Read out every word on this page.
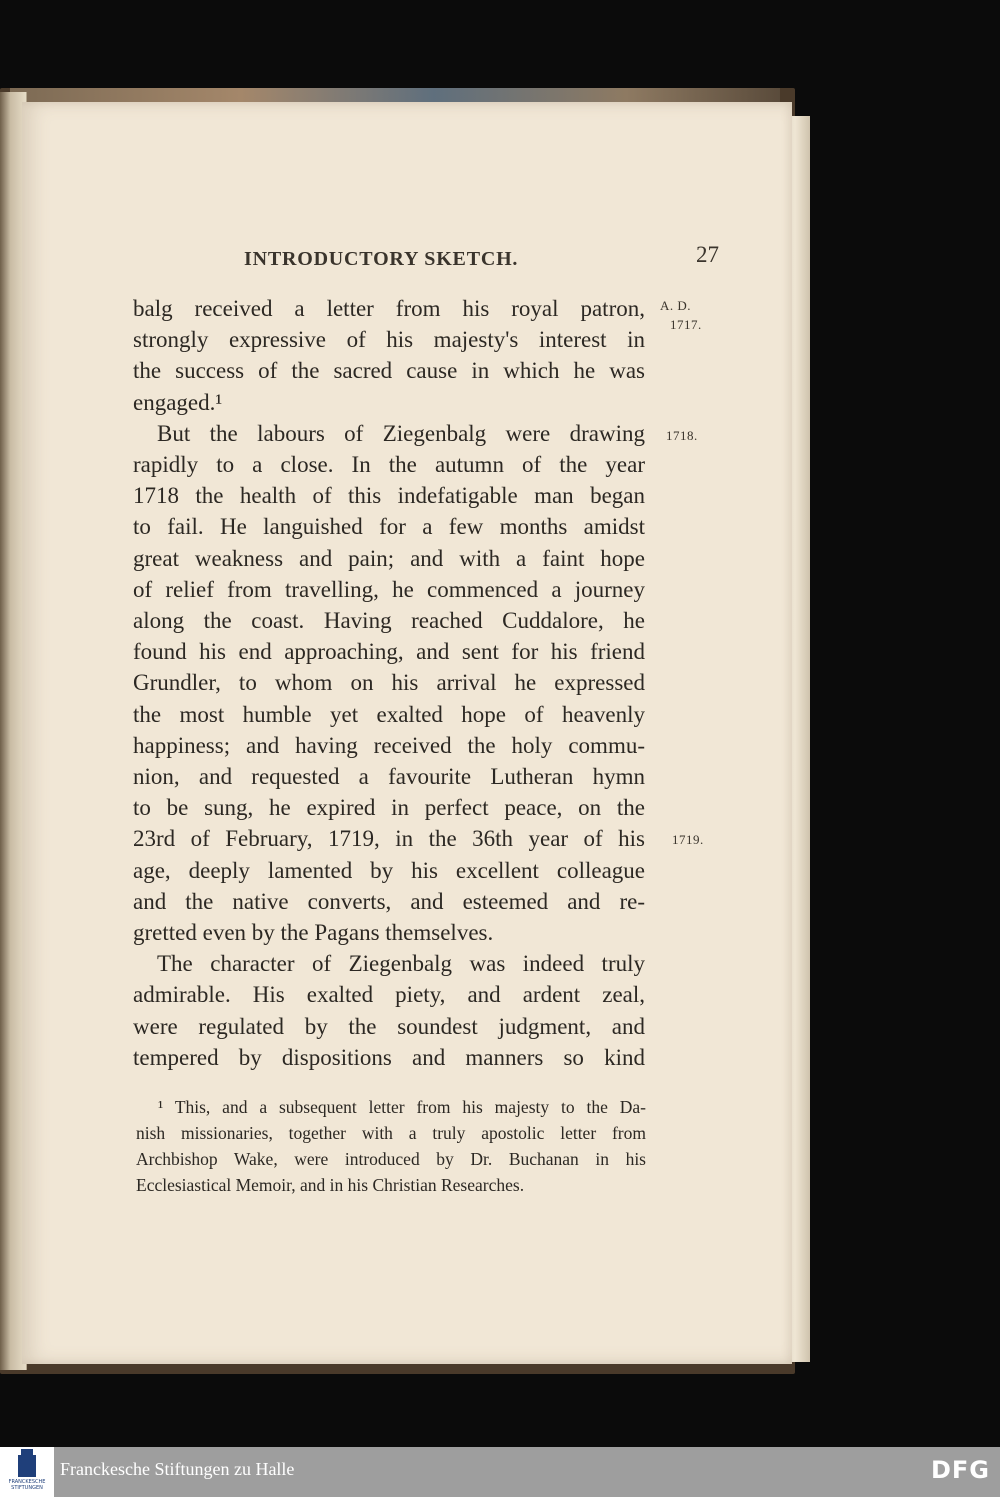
INTRODUCTORY SKETCH.	27
A. D.
1717.
1718.
1719.
balg received a letter from his royal patron,
strongly expressive of his majesty's interest in
the success of the sacred cause in which he was
engaged.¹
But the labours of Ziegenbalg were drawing
rapidly to a close. In the autumn of the year
1718 the health of this indefatigable man began
to fail. He languished for a few months amidst
great weakness and pain; and with a faint hope
of relief from travelling, he commenced a journey
along the coast. Having reached Cuddalore, he
found his end approaching, and sent for his friend
Grundler, to whom on his arrival he expressed
the most humble yet exalted hope of heavenly
happiness; and having received the holy commu-
nion, and requested a favourite Lutheran hymn
to be sung, he expired in perfect peace, on the
23rd of February, 1719, in the 36th year of his
age, deeply lamented by his excellent colleague
and the native converts, and esteemed and re-
gretted even by the Pagans themselves.
The character of Ziegenbalg was indeed truly
admirable. His exalted piety, and ardent zeal,
were regulated by the soundest judgment, and
tempered by dispositions and manners so kind
¹ This, and a subsequent letter from his majesty to the Da-
nish missionaries, together with a truly apostolic letter from
Archbishop Wake, were introduced by Dr. Buchanan in his
Ecclesiastical Memoir, and in his Christian Researches.
FRANCKESCHE STIFTUNGEN
Franckesche Stiftungen zu Halle	DFG
